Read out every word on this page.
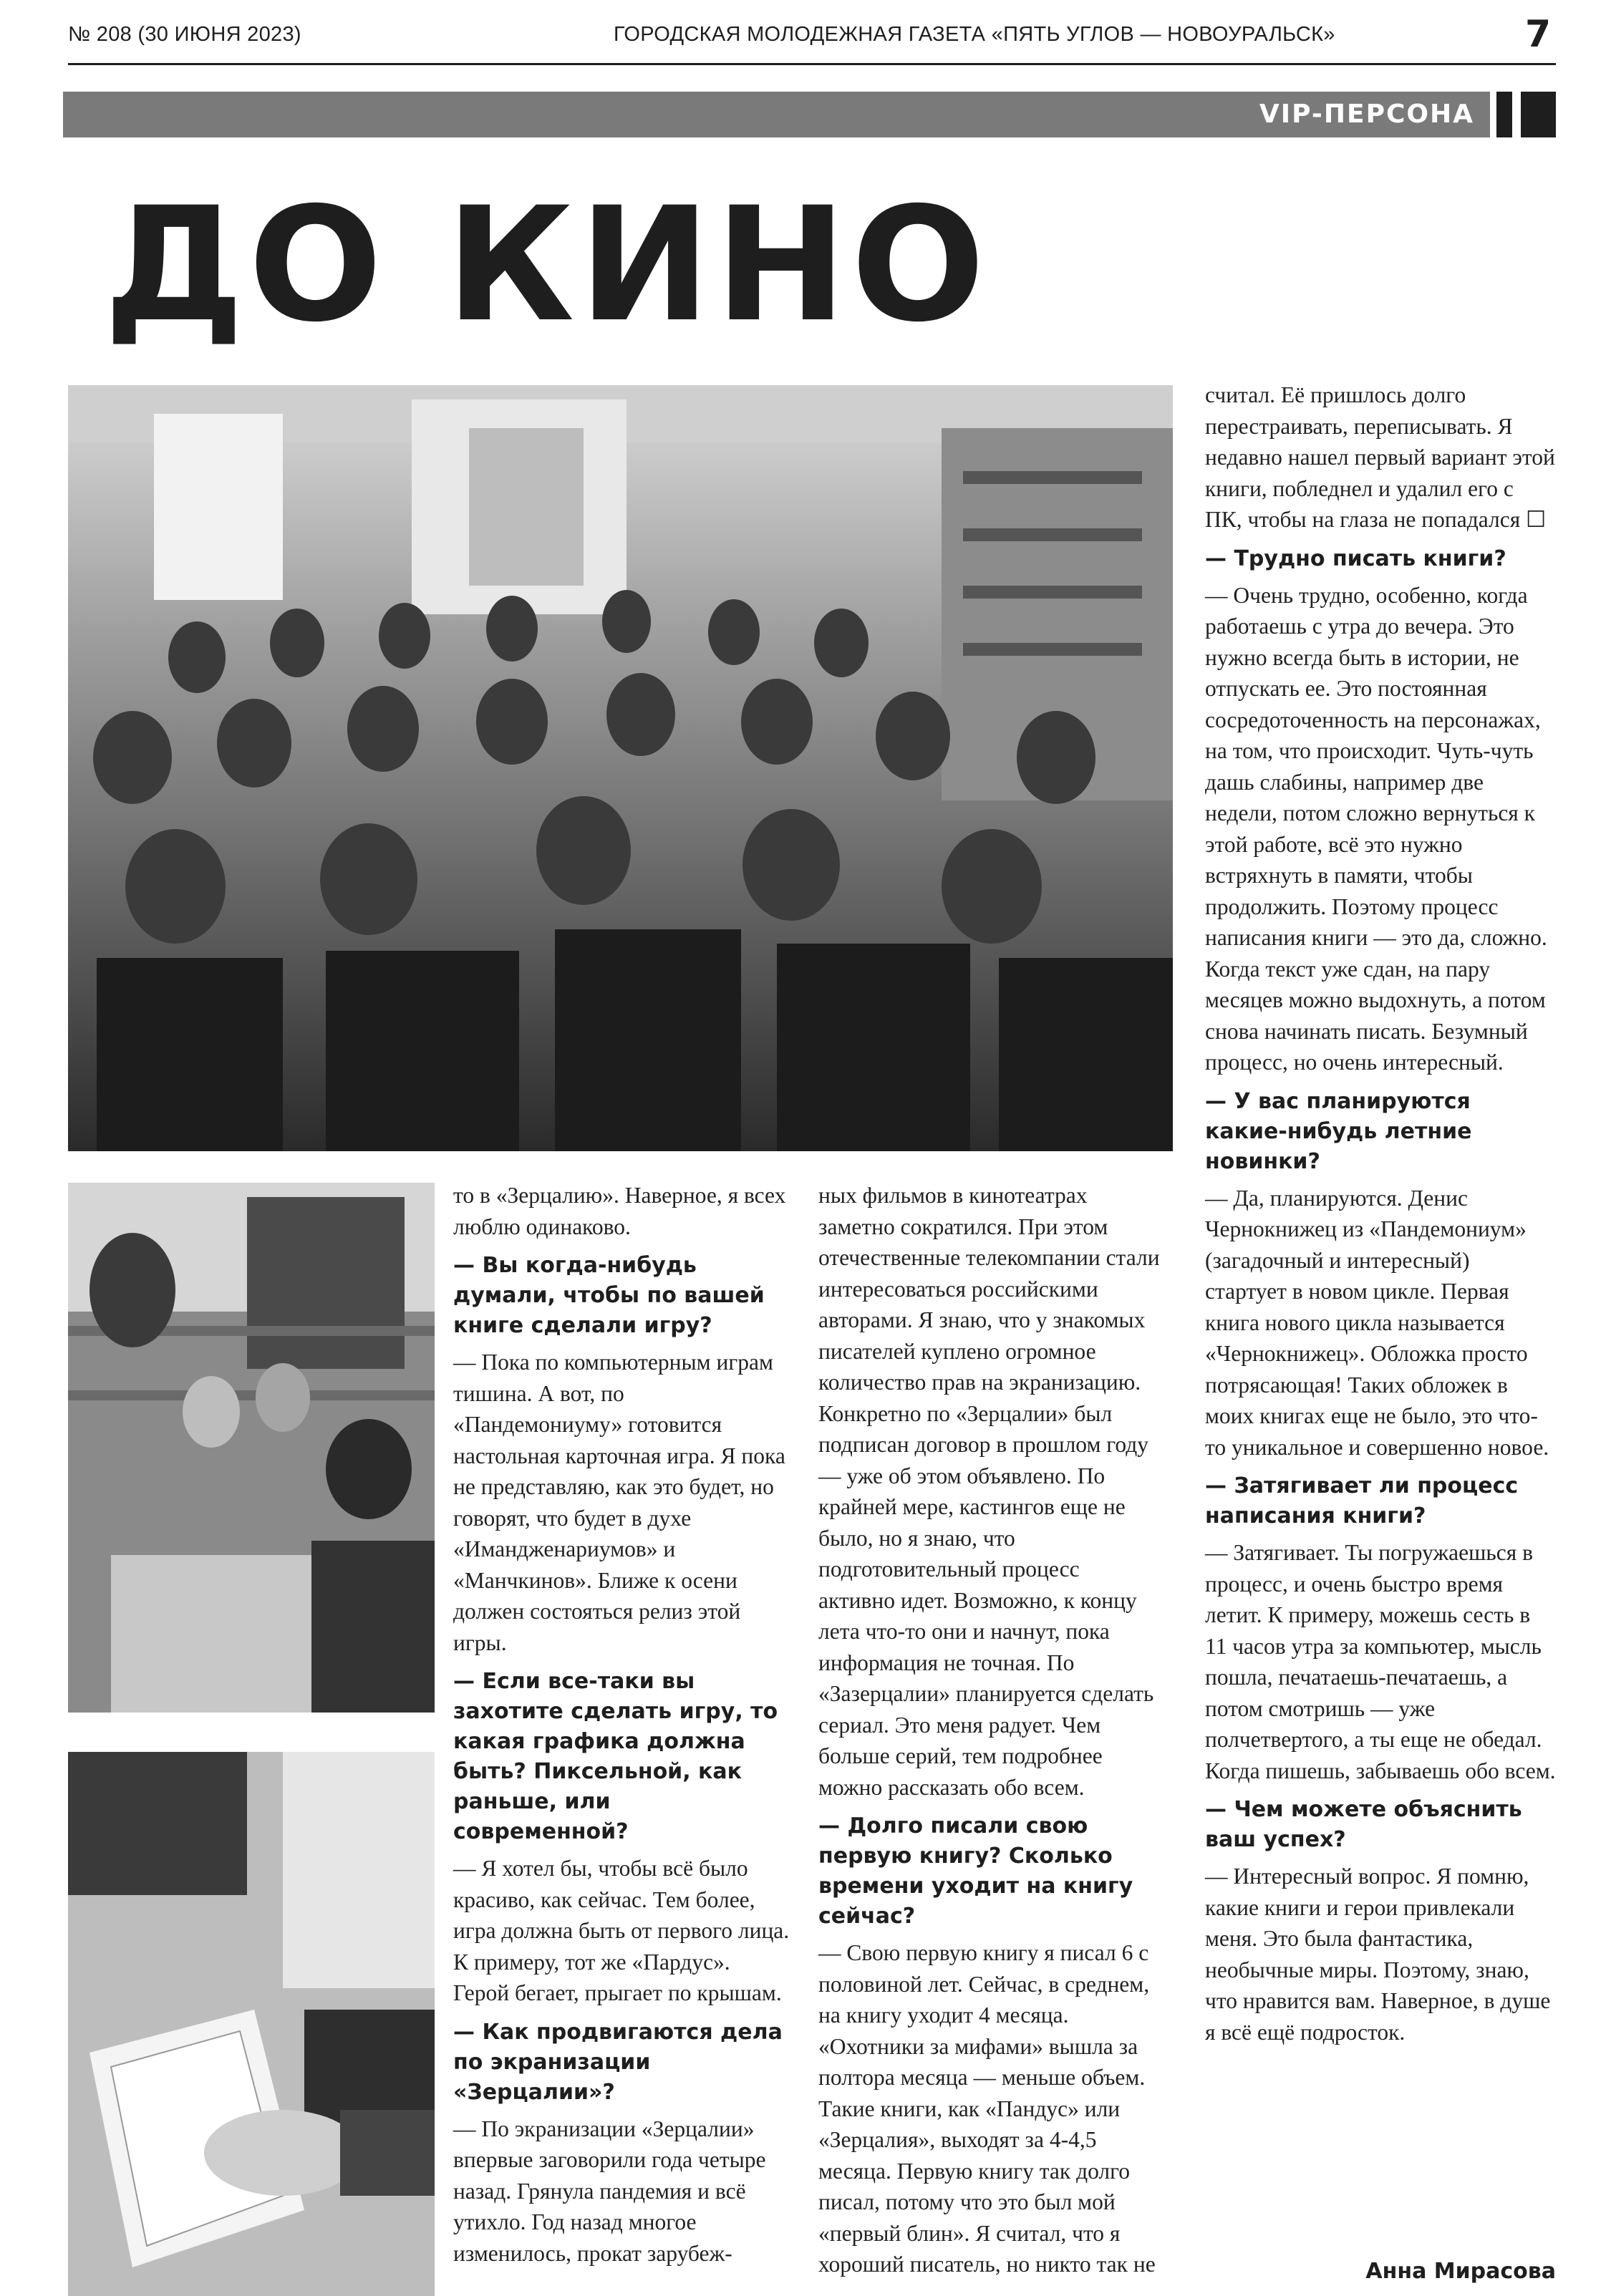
№ 208 (30 ИЮНЯ 2023)	ГОРОДСКАЯ МОЛОДЕЖНАЯ ГАЗЕТА «ПЯТЬ УГЛОВ — НОВОУРАЛЬСК»	7
VIP-ПЕРСОНА
ДО КИНО

то в «Зерцалию». Наверное, я всех люблю одинаково.

— Вы когда-нибудь думали, чтобы по вашей книге сделали игру?

— Пока по компьютерным играм тишина. А вот, по «Пандемониуму» готовится настольная карточная игра. Я пока не представляю, как это будет, но говорят, что будет в духе «Имандженариумов» и «Манчкинов». Ближе к осени должен состояться релиз этой игры.

— Если все-таки вы захотите сделать игру, то какая графика должна быть? Пиксельной, как раньше, или современной?

— Я хотел бы, чтобы всё было красиво, как сейчас. Тем более, игра должна быть от первого лица. К примеру, тот же «Пардус». Герой бегает, прыгает по крышам.

— Как продвигаются дела по экранизации «Зерцалии»?

— По экранизации «Зерцалии» впервые заговорили года четыре назад. Грянула пандемия и всё утихло. Год назад многое изменилось, прокат зарубеж-

ных фильмов в кинотеатрах заметно сократился. При этом отечественные телекомпании стали интересоваться российскими авторами. Я знаю, что у знакомых писателей куплено огромное количество прав на экранизацию. Конкретно по «Зерцалии» был подписан договор в прошлом году — уже об этом объявлено. По крайней мере, кастингов еще не было, но я знаю, что подготовительный процесс активно идет. Возможно, к концу лета что-то они и начнут, пока информация не точная. По «Зазерцалии» планируется сделать сериал. Это меня радует. Чем больше серий, тем подробнее можно рассказать обо всем.

— Долго писали свою первую книгу? Сколько времени уходит на книгу сейчас?

— Свою первую книгу я писал 6 с половиной лет. Сейчас, в среднем, на книгу уходит 4 месяца. «Охотники за мифами» вышла за полтора месяца — меньше объем. Такие книги, как «Пандус» или «Зерцалия», выходят за 4-4,5 месяца. Первую книгу так долго писал, потому что это был мой «первый блин». Я считал, что я хороший писатель, но никто так не

считал. Её пришлось долго перестраивать, переписывать. Я недавно нашел первый вариант этой книги, побледнел и удалил его с ПК, чтобы на глаза не попадался ☐

— Трудно писать книги?

— Очень трудно, особенно, когда работаешь с утра до вечера. Это нужно всегда быть в истории, не отпускать ее. Это постоянная сосредоточенность на персонажах, на том, что происходит. Чуть-чуть дашь слабины, например две недели, потом сложно вернуться к этой работе, всё это нужно встряхнуть в памяти, чтобы продолжить. Поэтому процесс написания книги — это да, сложно. Когда текст уже сдан, на пару месяцев можно выдохнуть, а потом снова начинать писать. Безумный процесс, но очень интересный.

— У вас планируются какие-нибудь летние новинки?

— Да, планируются. Денис Чернокнижец из «Пандемониум» (загадочный и интересный) стартует в новом цикле. Первая книга нового цикла называется «Чернокнижец». Обложка просто потрясающая! Таких обложек в моих книгах еще не было, это что-то уникальное и совершенно новое.

— Затягивает ли процесс написания книги?

— Затягивает. Ты погружаешься в процесс, и очень быстро время летит. К примеру, можешь сесть в 11 часов утра за компьютер, мысль пошла, печатаешь-печатаешь, а потом смотришь — уже полчетвертого, а ты еще не обедал. Когда пишешь, забываешь обо всем.

— Чем можете объяснить ваш успех?

— Интересный вопрос. Я помню, какие книги и герои привлекали меня. Это была фантастика, необычные миры. Поэтому, знаю, что нравится вам. Наверное, в душе я всё ещё подросток.

Анна Мирасова
